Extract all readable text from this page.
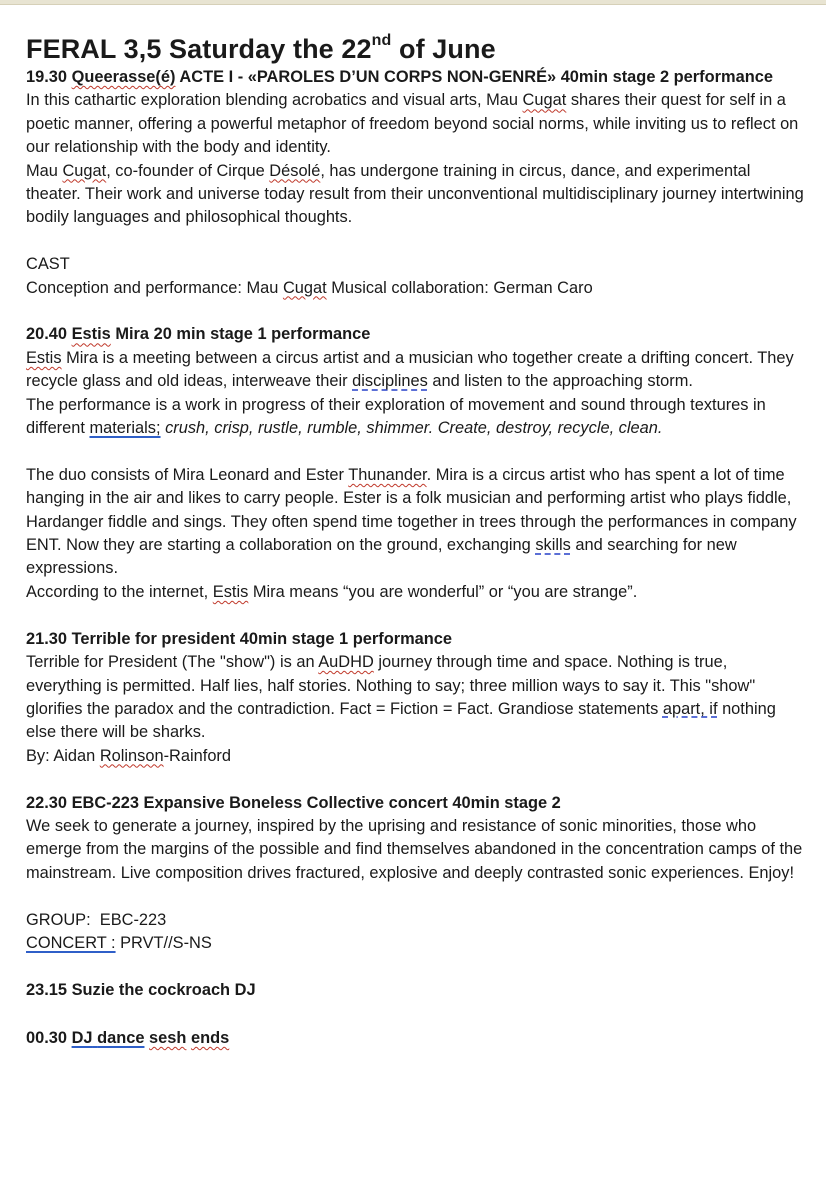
FERAL 3,5 Saturday the 22nd of June

19.30 Queerasse(é) ACTE I - «PAROLES D’UN CORPS NON-GENRÉ» 40min stage 2 performance

In this cathartic exploration blending acrobatics and visual arts, Mau Cugat shares their quest for self in a poetic manner, offering a powerful metaphor of freedom beyond social norms, while inviting us to reflect on our relationship with the body and identity.

Mau Cugat, co-founder of Cirque Désolé, has undergone training in circus, dance, and experimental theater. Their work and universe today result from their unconventional multidisciplinary journey intertwining bodily languages and philosophical thoughts.

CAST

Conception and performance: Mau Cugat Musical collaboration: German Caro

20.40 Estis Mira 20 min stage 1 performance

Estis Mira is a meeting between a circus artist and a musician who together create a drifting concert. They recycle glass and old ideas, interweave their disciplines and listen to the approaching storm.

The performance is a work in progress of their exploration of movement and sound through textures in different materials; crush, crisp, rustle, rumble, shimmer. Create, destroy, recycle, clean.

The duo consists of Mira Leonard and Ester Thunander. Mira is a circus artist who has spent a lot of time hanging in the air and likes to carry people. Ester is a folk musician and performing artist who plays fiddle, Hardanger fiddle and sings. They often spend time together in trees through the performances in company ENT. Now they are starting a collaboration on the ground, exchanging skills and searching for new expressions.

According to the internet, Estis Mira means “you are wonderful” or “you are strange”.

21.30 Terrible for president 40min stage 1 performance

Terrible for President (The "show") is an AuDHD journey through time and space. Nothing is true, everything is permitted. Half lies, half stories. Nothing to say; three million ways to say it. This "show" glorifies the paradox and the contradiction. Fact = Fiction = Fact. Grandiose statements apart, if nothing else there will be sharks.

By: Aidan Rolinson-Rainford

22.30 EBC-223 Expansive Boneless Collective concert 40min stage 2

We seek to generate a journey, inspired by the uprising and resistance of sonic minorities, those who emerge from the margins of the possible and find themselves abandoned in the concentration camps of the mainstream. Live composition drives fractured, explosive and deeply contrasted sonic experiences. Enjoy!

GROUP:  EBC-223

CONCERT : PRVT//S-NS

23.15 Suzie the cockroach DJ

00.30 DJ dance sesh ends
